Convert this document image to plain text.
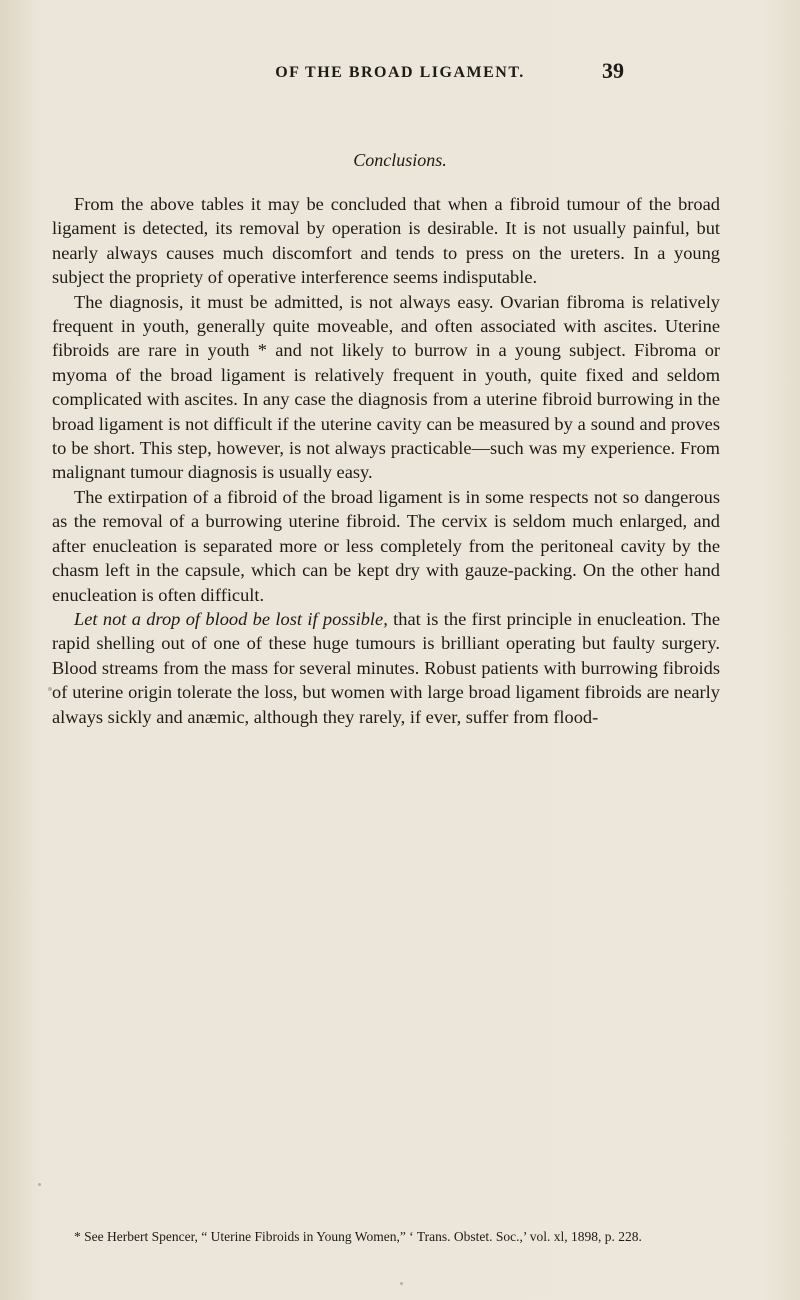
OF THE BROAD LIGAMENT.	39
Conclusions.

From the above tables it may be concluded that when a fibroid tumour of the broad ligament is detected, its removal by operation is desirable. It is not usually painful, but nearly always causes much discomfort and tends to press on the ureters. In a young subject the propriety of operative interference seems indisputable.

The diagnosis, it must be admitted, is not always easy. Ovarian fibroma is relatively frequent in youth, generally quite moveable, and often associated with ascites. Uterine fibroids are rare in youth * and not likely to burrow in a young subject. Fibroma or myoma of the broad ligament is relatively frequent in youth, quite fixed and seldom complicated with ascites. In any case the diagnosis from a uterine fibroid burrowing in the broad ligament is not difficult if the uterine cavity can be measured by a sound and proves to be short. This step, however, is not always practicable—such was my experience. From malignant tumour diagnosis is usually easy.

The extirpation of a fibroid of the broad ligament is in some respects not so dangerous as the removal of a burrowing uterine fibroid. The cervix is seldom much enlarged, and after enucleation is separated more or less completely from the peritoneal cavity by the chasm left in the capsule, which can be kept dry with gauze-packing. On the other hand enucleation is often difficult.

Let not a drop of blood be lost if possible, that is the first principle in enucleation. The rapid shelling out of one of these huge tumours is brilliant operating but faulty surgery. Blood streams from the mass for several minutes. Robust patients with burrowing fibroids of uterine origin tolerate the loss, but women with large broad ligament fibroids are nearly always sickly and anæmic, although they rarely, if ever, suffer from flood-

* See Herbert Spencer, “ Uterine Fibroids in Young Women,” ‘ Trans. Obstet. Soc.,’ vol. xl, 1898, p. 228.
